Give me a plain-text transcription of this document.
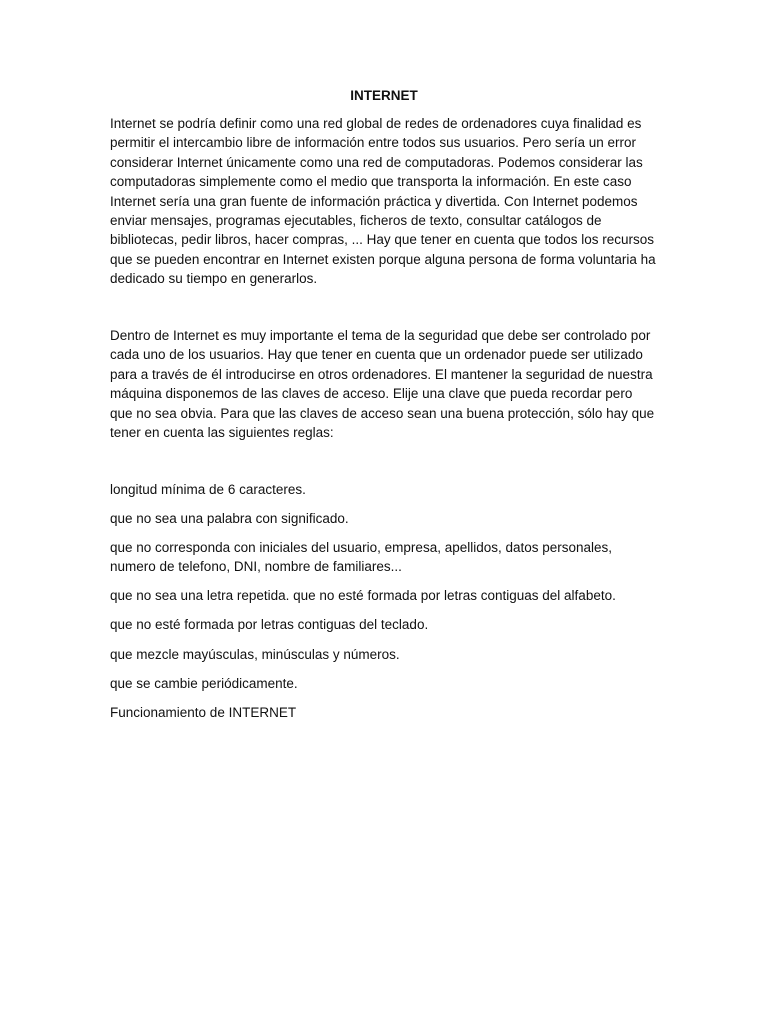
INTERNET

Internet se podría definir como una red global de redes de ordenadores cuya finalidad es permitir el intercambio libre de información entre todos sus usuarios. Pero sería un error considerar Internet únicamente como una red de computadoras. Podemos considerar las computadoras simplemente como el medio que transporta la información. En este caso Internet sería una gran fuente de información práctica y divertida. Con Internet podemos enviar mensajes, programas ejecutables, ficheros de texto, consultar catálogos de bibliotecas, pedir libros, hacer compras, ... Hay que tener en cuenta que todos los recursos que se pueden encontrar en Internet existen porque alguna persona de forma voluntaria ha dedicado su tiempo en generarlos.

Dentro de Internet es muy importante el tema de la seguridad que debe ser controlado por cada uno de los usuarios. Hay que tener en cuenta que un ordenador puede ser utilizado para a través de él introducirse en otros ordenadores. El mantener la seguridad de nuestra máquina disponemos de las claves de acceso. Elije una clave que pueda recordar pero que no sea obvia. Para que las claves de acceso sean una buena protección, sólo hay que tener en cuenta las siguientes reglas:

longitud mínima de 6 caracteres.

que no sea una palabra con significado.

que no corresponda con iniciales del usuario, empresa, apellidos, datos personales, numero de telefono, DNI, nombre de familiares...

que no sea una letra repetida. que no esté formada por letras contiguas del alfabeto.

que no esté formada por letras contiguas del teclado.

que mezcle mayúsculas, minúsculas y números.

que se cambie periódicamente.

Funcionamiento de INTERNET
